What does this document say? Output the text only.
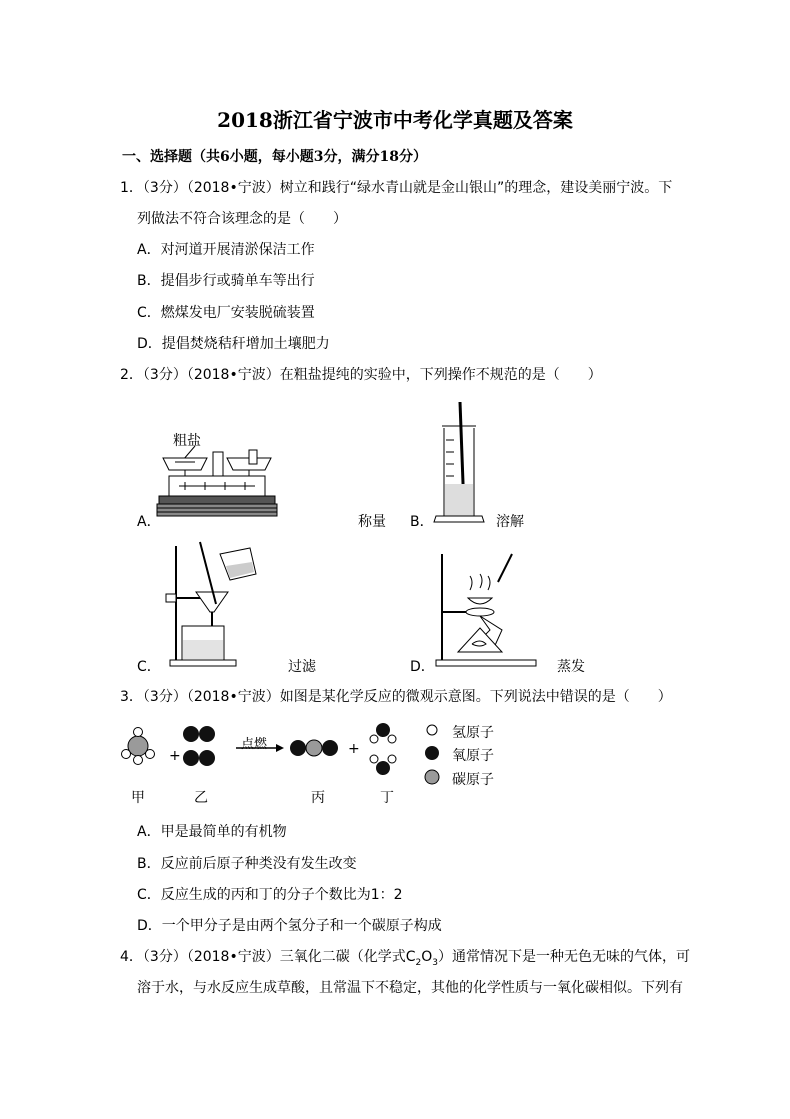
2018浙江省宁波市中考化学真题及答案
一、选择题（共6小题，每小题3分，满分18分）
1．（3分）（2018•宁波）树立和践行“绿水青山就是金山银山”的理念，建设美丽宁波。下
列做法不符合该理念的是（　　）
A．对河道开展清淤保洁工作
B．提倡步行或骑单车等出行
C．燃煤发电厂安装脱硫装置
D．提倡焚烧秸秆增加土壤肥力
2．（3分）（2018•宁波）在粗盐提纯的实验中，下列操作不规范的是（　　）
粗盐
A．	称量 B．	溶解
C．	过滤	D．	蒸发
3．（3分）（2018•宁波）如图是某化学反应的微观示意图。下列说法中错误的是（　　）
+	+
点燃
氢原子
氧原子
碳原子
甲	乙	丙	丁
A．甲是最简单的有机物
B．反应前后原子种类没有发生改变
C．反应生成的丙和丁的分子个数比为1：2
D．一个甲分子是由两个氢分子和一个碳原子构成
4．（3分）（2018•宁波）三氧化二碳（化学式$C_2O_3$）通常情况下是一种无色无味的气体，可
溶于水，与水反应生成草酸，且常温下不稳定，其他的化学性质与一氧化碳相似。下列有
